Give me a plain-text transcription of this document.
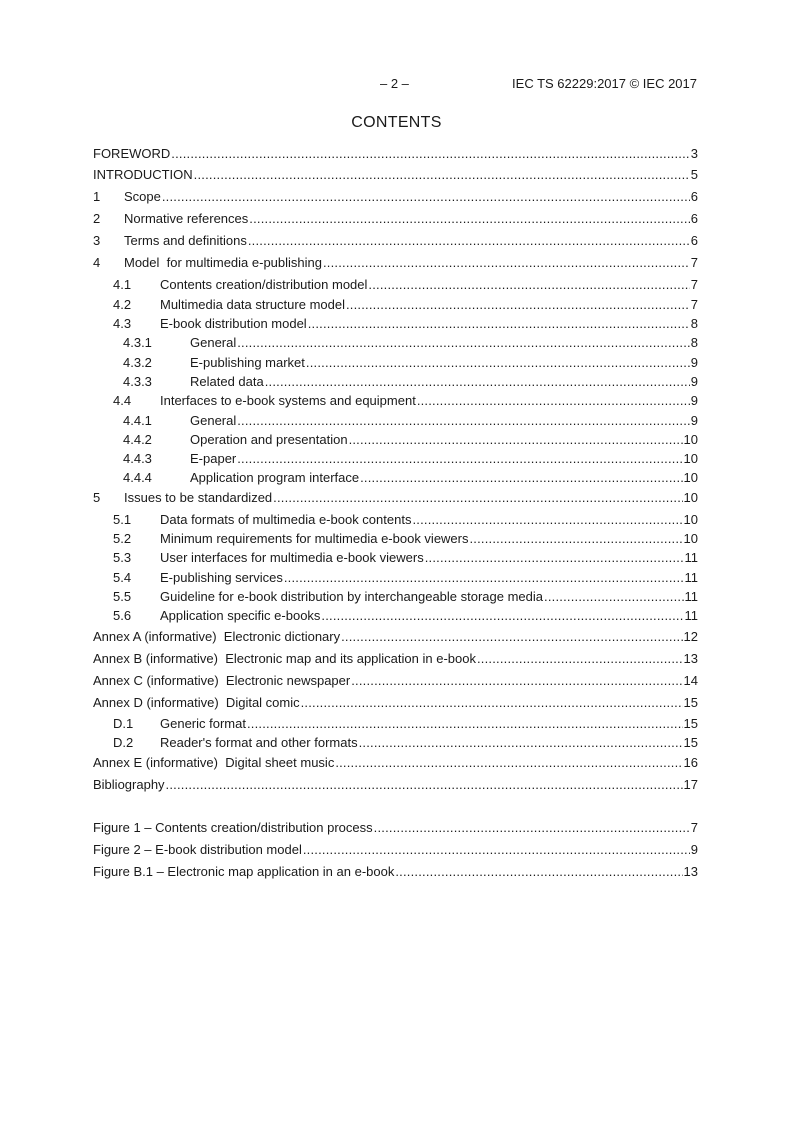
– 2 –	IEC TS 62229:2017 © IEC 2017
CONTENTS
FOREWORD .....	3
INTRODUCTION .....	5
1	Scope .....	6
2	Normative references .....	6
3	Terms and definitions .....	6
4	Model  for multimedia e-publishing .....	7
4.1	Contents creation/distribution model .....	7
4.2	Multimedia data structure model .....	7
4.3	E-book distribution model .....	8
4.3.1	General .....	8
4.3.2	E-publishing market .....	9
4.3.3	Related data .....	9
4.4	Interfaces to e-book systems and equipment .....	9
4.4.1	General .....	9
4.4.2	Operation and presentation .....	10
4.4.3	E-paper .....	10
4.4.4	Application program interface .....	10
5	Issues to be standardized .....	10
5.1	Data formats of multimedia e-book contents .....	10
5.2	Minimum requirements for multimedia e-book viewers .....	10
5.3	User interfaces for multimedia e-book viewers .....	11
5.4	E-publishing services .....	11
5.5	Guideline for e-book distribution by interchangeable storage media .....	11
5.6	Application specific e-books .....	11
Annex A (informative)  Electronic dictionary .....	12
Annex B (informative)  Electronic map and its application in e-book .....	13
Annex C (informative)  Electronic newspaper .....	14
Annex D (informative)  Digital comic .....	15
D.1	Generic format .....	15
D.2	Reader's format and other formats .....	15
Annex E (informative)  Digital sheet music .....	16
Bibliography .....	17
Figure 1 – Contents creation/distribution process .....	7
Figure 2 – E-book distribution model .....	9
Figure B.1 – Electronic map application in an e-book .....	13
